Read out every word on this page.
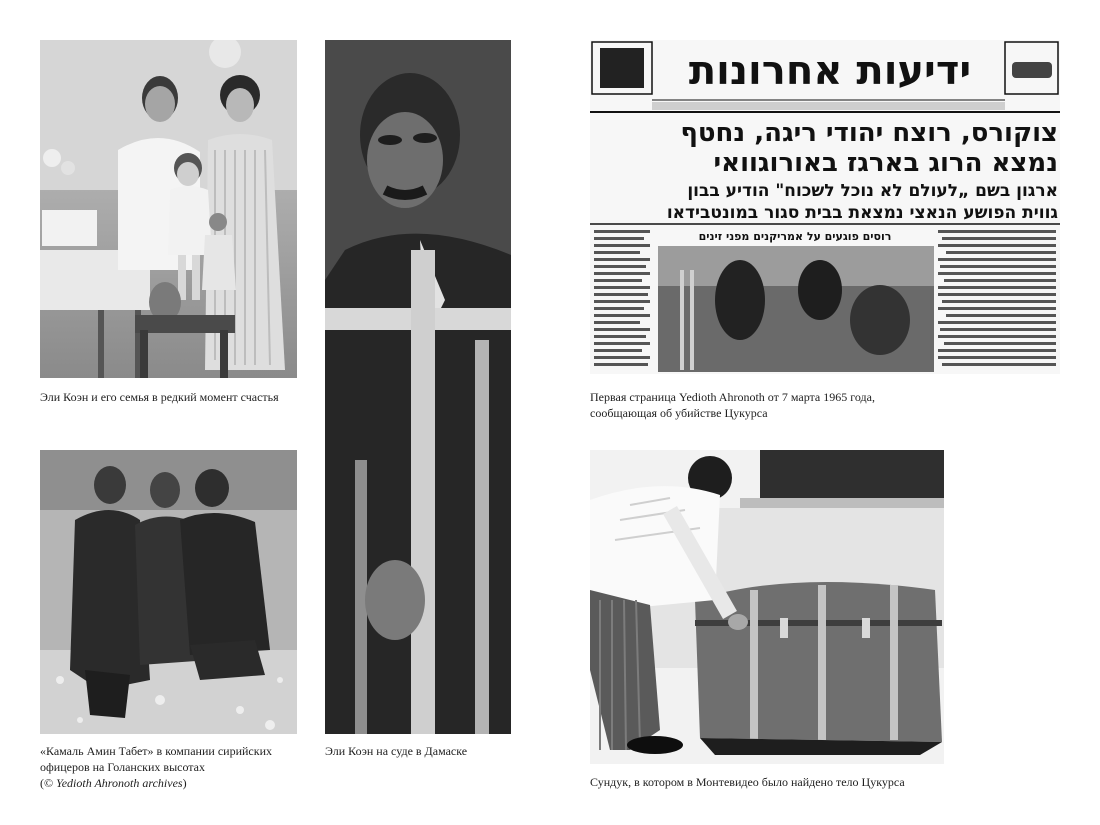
ידיעות אחרונות
צוקורס, רוצח יהודי ריגה, נחטף
נמצא הרוג בארגז באורוגוואי
ארגון בשם „לעולם לא נוכל לשכוח" הודיע בבון
גווית הפושע הנאצי נמצאת בבית סגור במונטבידאו
רוסים פוגעים על אמריקנים מפני זינים
Эли Коэн и его семья в редкий момент счастья	Первая страница Yedioth Ahronoth от 7 марта 1965 года,
сообщающая об убийстве Цукурса
«Камаль Амин Табет» в компании сирийских
офицеров на Голанских высотах
(© Yedioth Ahronoth archives)
Эли Коэн на суде в Дамаске
Сундук, в котором в Монтевидео было найдено тело Цукурса
